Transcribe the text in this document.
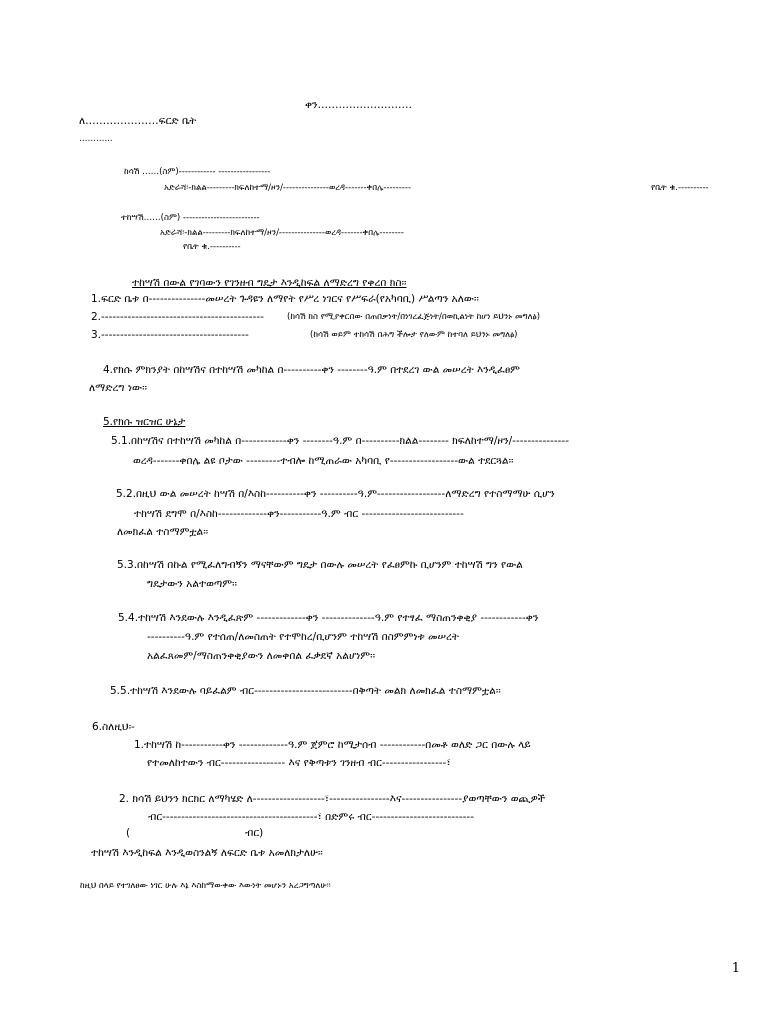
ቀን………………………
ለ…………………ፍርድ ቤት
………...
ከሳሽ ……(ስም)------------ -----------------
አድራሻ፡-ክልል---------ክፍለከተማ/ዞን/---------------ወረዳ-------ቀበሌ---------	የቤት ቁ.----------
ተከሣሽ……(ስም) -------------------------
አድራሻ፡-ክልል---------ክፍለከተማ/ዞን/---------------ወረዳ-------ቀበሌ--------
የቤት ቁ.----------
ተከሣሽ በውል የገባውን የገንዘብ ግዴታ እንዲከፍል ለማድረግ የቀረበ ክስ፡፡
1.ፍርድ ቤቱ በ---------------መሠረት ጉዳዩን ለማየት የሥረ ነገርና የሥፍራ(የአካባቢ) ሥልጣን አለው፡፡
2.-------------------------------------------	(ከሳሽ ክስ የሚያቀርበው በጠበቃነት/በነገረፈጅነት/በወኪልነት ከሆነ ይህንኑ መግለፅ)
3.---------------------------------------	(ከሳሽ ወይም ተከሳሽ በሕግ ችሎታ የለውም ከተባለ ይህንኑ መግለፅ)
4.የክሱ ምክንያት በከሣሽና በተከሣሽ መካከል በ----------ቀን --------ዓ.ም በተደረገ ውል መሠረት እንዲፈፀም
ለማድረግ ነው፡፡
5.የክሱ ዝርዝር ሁኔታ
5.1.በከሣሽና በተከሣሽ መካከል በ------------ቀን --------ዓ.ም በ----------ክልል-------- ክፍለከተማ/ዞን/---------------
ወረዳ-------ቀበሌ ልዩ ቦታው ---------ተብሎ ከሚጠራው አካባቢ የ------------------ውል ተደርጓል፡፡
5.2.በዚህ ውል መሠረት ከሣሽ በ/እስከ----------ቀን ----------ዓ.ም------------------ለማድረግ የተስማማሁ ሲሆን
ተከሣሽ ደግሞ በ/እስከ-------------ቀን-----------ዓ.ም ብር ---------------------------
ለመክፈል ተስማምቷል፡፡
5.3.በከሣሽ በኩል የሚፈለግብኝን ማናቸውም ግዴታ በውሉ መሠረት የፈፀምኩ ቢሆንም ተከሣሽ ግን የውል
ግዴታውን አልተወጣም፡፡
5.4.ተከሣሽ እንደውሉ እንዲፈጽም -------------ቀን --------------ዓ.ም የተፃፈ ማስጠንቀቂያ ------------ቀን
----------ዓ.ም የተሰጠ/ለመስጠት የተሞከረ/ቢሆንም ተከሣሽ በስምምነቱ መሠረት
አልፈጸመም/ማስጠንቀቂያውን ለመቀበል ፈቃደኛ አልሆነም፡፡
5.5.ተከሣሽ እንደውሉ ባይፈልም ብር--------------------------በቅጣት መልክ ለመክፈል ተስማምቷል፡፡
6.ስለዚህ፡-
1.ተከሣሽ ከ-----------ቀን -------------ዓ.ም ጀምሮ ከሚታሰብ ------------በመቶ ወለድ ጋር በውሉ ላይ
የተመለከተውን ብር----------------- እና የቅጣቱን ገንዘብ ብር-----------------፣
2. ክሳሽ ይህንን ክርክር ለማካሄድ ለ-------------------፣----------------እና----------------ያወጣቸውን ወጪዎች
ብር-----------------------------------------፣ በድምሩ ብር---------------------------
(	ብር)
ተከሣሽ እንዲከፍል እንዲወስንልኝ ለፍርድ ቤቱ አመለክታለሁ፡፡
ከዚህ በላይ የተገለፀው ነገር ሁሉ እኔ እስከማውቀው እውነት መሆኑን አረጋግጣለሁ፡፡
1
